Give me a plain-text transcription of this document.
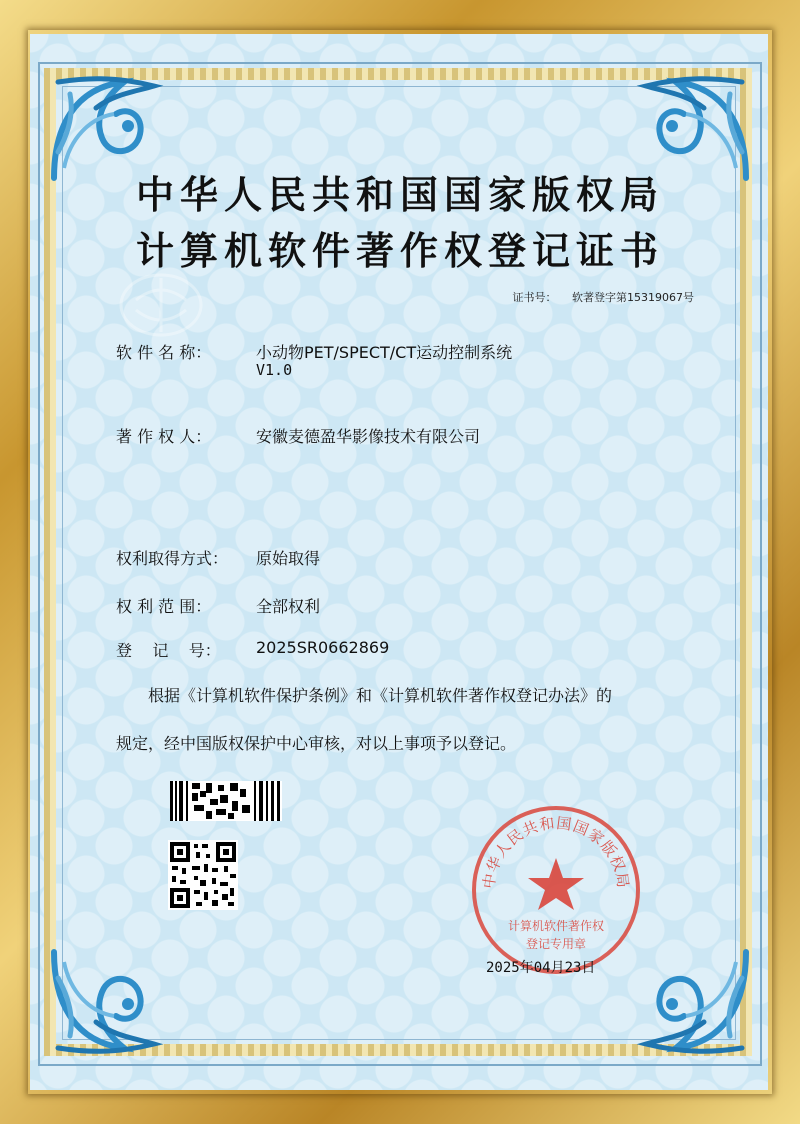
中华人民共和国国家版权局
计算机软件著作权登记证书
证书号： 软著登字第15319067号
软 件 名 称：	小动物PET/SPECT/CT运动控制系统
V1.0
著 作 权 人：	安徽麦德盈华影像技术有限公司
权利取得方式： 原始取得
权 利 范 围：	全部权利
登    记    号： 2025SR0662869
根据《计算机软件保护条例》和《计算机软件著作权登记办法》的
规定，经中国版权保护中心审核，对以上事项予以登记。
中华人民共和国国家版权局
计算机软件著作权
登记专用章
2025年04月23日
